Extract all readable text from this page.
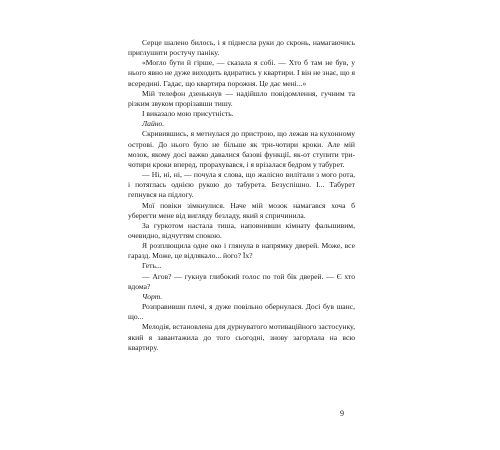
Серце шалено билось, і я піднесла руки до скронь, намагаючись приглушити ростучу паніку.

«Могло бути й гірше, — сказала я собі. — Хто б там не був, у нього явно не дуже виходить вдиратись у квартири. І він не знає, що я всередині. Гадає, що квартира порожня. Це дає мені...»

Мій телефон дзенькнув — надійшло повідомлення, гучним та різким звуком прорізавши тишу.

І виказало мою присутність.

Лайно.

Скривившись, я метнулася до пристрою, що лежав на кухонному острові. До нього було не більше як три-чотири кроки. Але мій мозок, якому досі важко давалися базові функції, як-от ступити три-чотири кроки вперед, прорахувався, і я врізалася бедром у табурет.

— Ні, ні, ні, — почула я слова, що жалісно вилітали з мого рота, і потяглась однією рукою до табурета. Безуспішно. І... Табурет гепнувся на підлогу.

Мої повіки зімкнулися. Наче мій мозок намагався хоча б уберегти мене від вигляду безладу, який я спричинила.

За гуркотом настала тиша, наповнивши кімнату фальшивим, очевидно, відчуттям спокою.

Я розплющила одне око і глянула в напрямку дверей. Може, все гаразд. Може, це відлякало... його? Їх?

Геть...

— Агов? — гукнув глибокий голос по той бік дверей. — Є хто вдома?

Чорт.

Розправивши плечі, я дуже повільно обернулася. Досі був шанс, що...

Мелодія, встановлена для дурнуватого мотиваційного застосунку, який я завантажила до того сьогодні, знову загорлала на всю квартиру.

9
